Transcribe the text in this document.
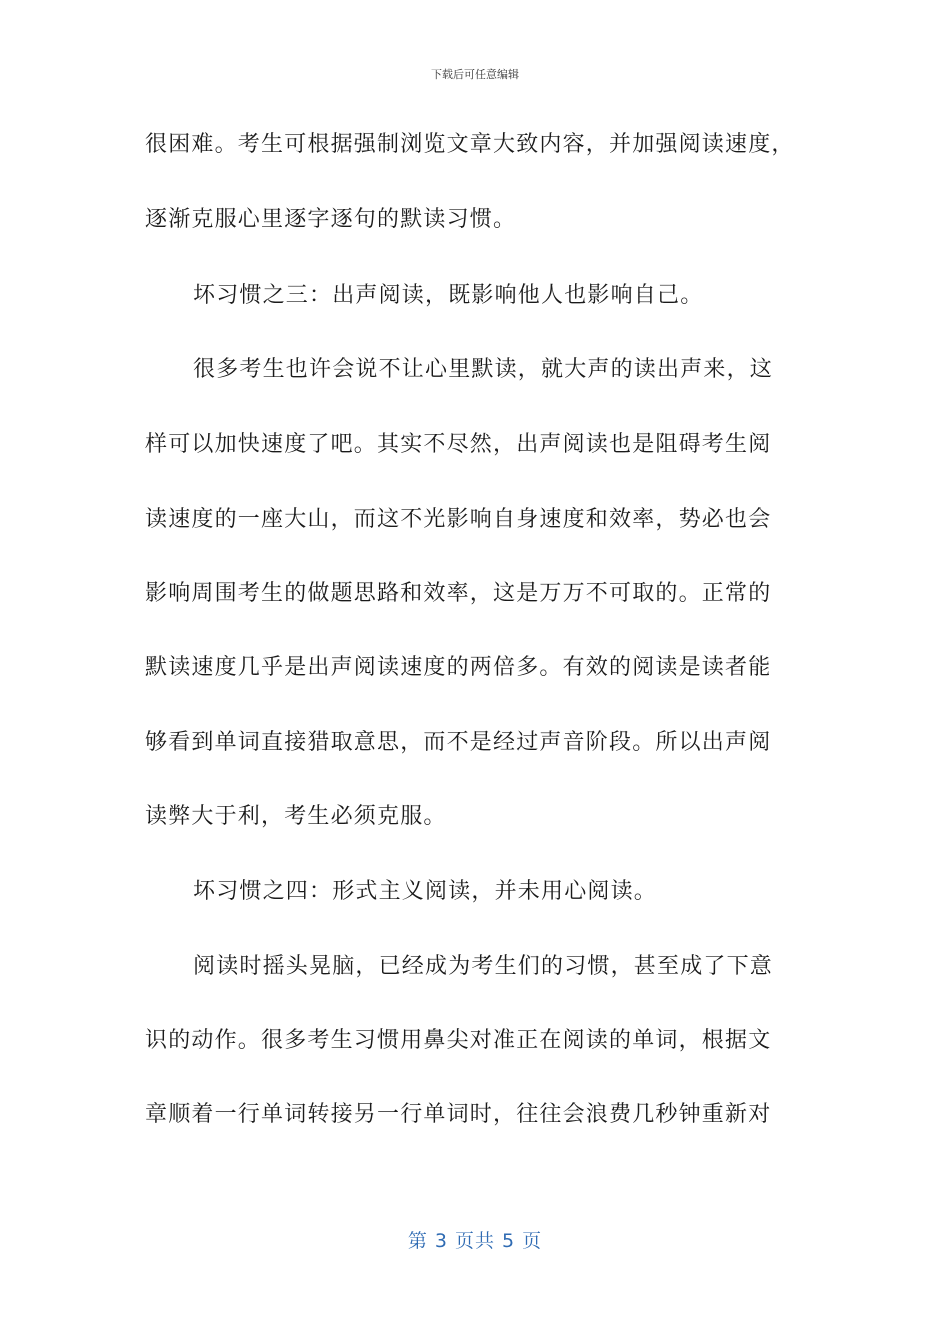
下载后可任意编辑
很困难。考生可根据强制浏览文章大致内容，并加强阅读速度，
逐渐克服心里逐字逐句的默读习惯。
坏习惯之三：出声阅读，既影响他人也影响自己。
很多考生也许会说不让心里默读，就大声的读出声来，这
样可以加快速度了吧。其实不尽然，出声阅读也是阻碍考生阅
读速度的一座大山，而这不光影响自身速度和效率，势必也会
影响周围考生的做题思路和效率，这是万万不可取的。正常的
默读速度几乎是出声阅读速度的两倍多。有效的阅读是读者能
够看到单词直接猎取意思，而不是经过声音阶段。所以出声阅
读弊大于利，考生必须克服。
坏习惯之四：形式主义阅读，并未用心阅读。
阅读时摇头晃脑，已经成为考生们的习惯，甚至成了下意
识的动作。很多考生习惯用鼻尖对准正在阅读的单词，根据文
章顺着一行单词转接另一行单词时，往往会浪费几秒钟重新对
第 3 页共 5 页
